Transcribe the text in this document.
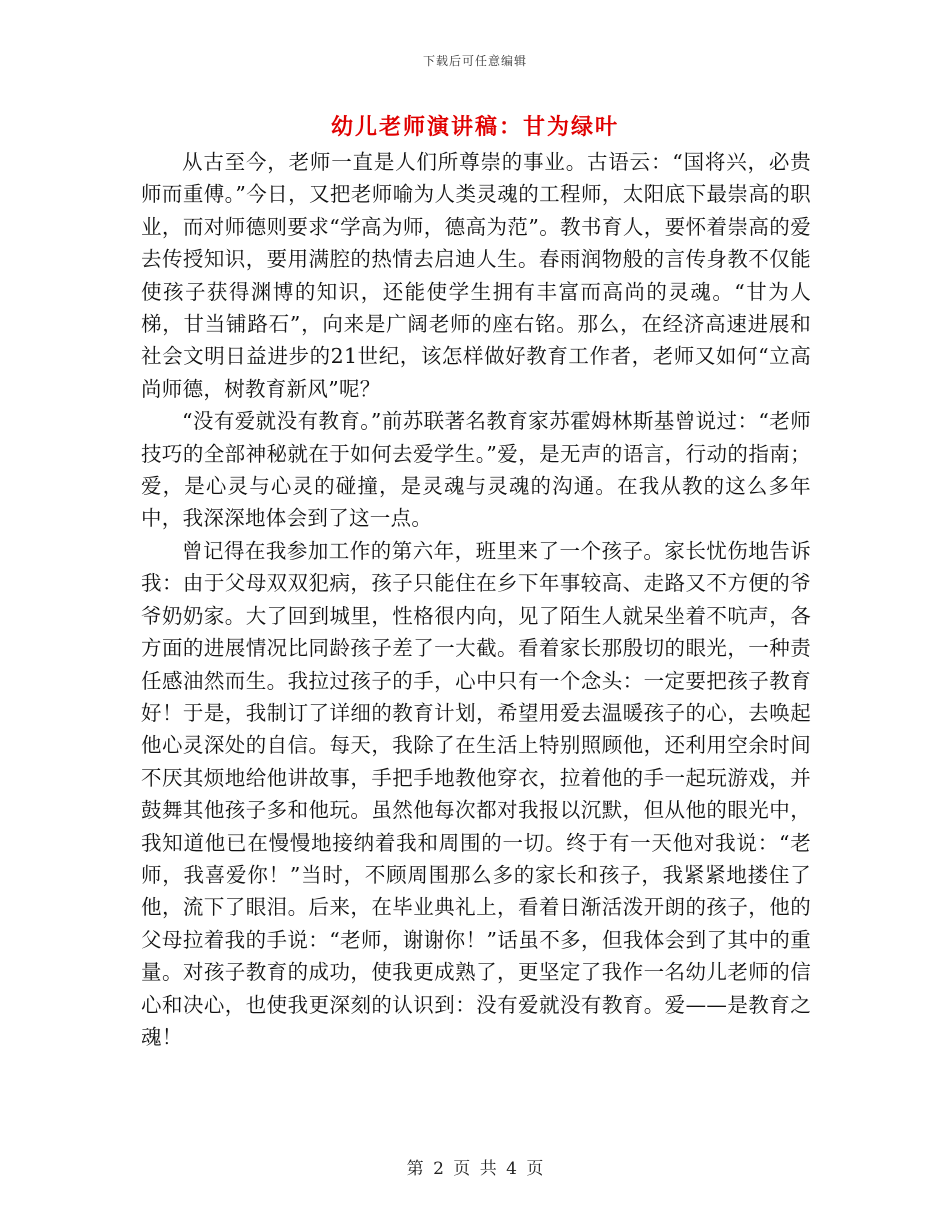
下载后可任意编辑
幼儿老师演讲稿：甘为绿叶

从古至今，老师一直是人们所尊崇的事业。古语云：“国将兴，必贵师而重傅。”今日，又把老师喻为人类灵魂的工程师，太阳底下最崇高的职业，而对师德则要求“学高为师，德高为范”。教书育人，要怀着崇高的爱去传授知识，要用满腔的热情去启迪人生。春雨润物般的言传身教不仅能使孩子获得渊博的知识，还能使学生拥有丰富而高尚的灵魂。“甘为人梯，甘当铺路石”，向来是广阔老师的座右铭。那么，在经济高速进展和社会文明日益进步的21世纪，该怎样做好教育工作者，老师又如何“立高尚师德，树教育新风”呢？

“没有爱就没有教育。”前苏联著名教育家苏霍姆林斯基曾说过：“老师技巧的全部神秘就在于如何去爱学生。”爱，是无声的语言，行动的指南；爱，是心灵与心灵的碰撞，是灵魂与灵魂的沟通。在我从教的这么多年中，我深深地体会到了这一点。

曾记得在我参加工作的第六年，班里来了一个孩子。家长忧伤地告诉我：由于父母双双犯病，孩子只能住在乡下年事较高、走路又不方便的爷爷奶奶家。大了回到城里，性格很内向，见了陌生人就呆坐着不吭声，各方面的进展情况比同龄孩子差了一大截。看着家长那殷切的眼光，一种责任感油然而生。我拉过孩子的手，心中只有一个念头：一定要把孩子教育好！于是，我制订了详细的教育计划，希望用爱去温暖孩子的心，去唤起他心灵深处的自信。每天，我除了在生活上特别照顾他，还利用空余时间不厌其烦地给他讲故事，手把手地教他穿衣，拉着他的手一起玩游戏，并鼓舞其他孩子多和他玩。虽然他每次都对我报以沉默，但从他的眼光中，我知道他已在慢慢地接纳着我和周围的一切。终于有一天他对我说：“老师，我喜爱你！”当时，不顾周围那么多的家长和孩子，我紧紧地搂住了他，流下了眼泪。后来，在毕业典礼上，看着日渐活泼开朗的孩子，他的父母拉着我的手说：“老师，谢谢你！”话虽不多，但我体会到了其中的重量。对孩子教育的成功，使我更成熟了，更坚定了我作一名幼儿老师的信心和决心，也使我更深刻的认识到：没有爱就没有教育。爱——是教育之魂！

第 2 页 共 4 页
